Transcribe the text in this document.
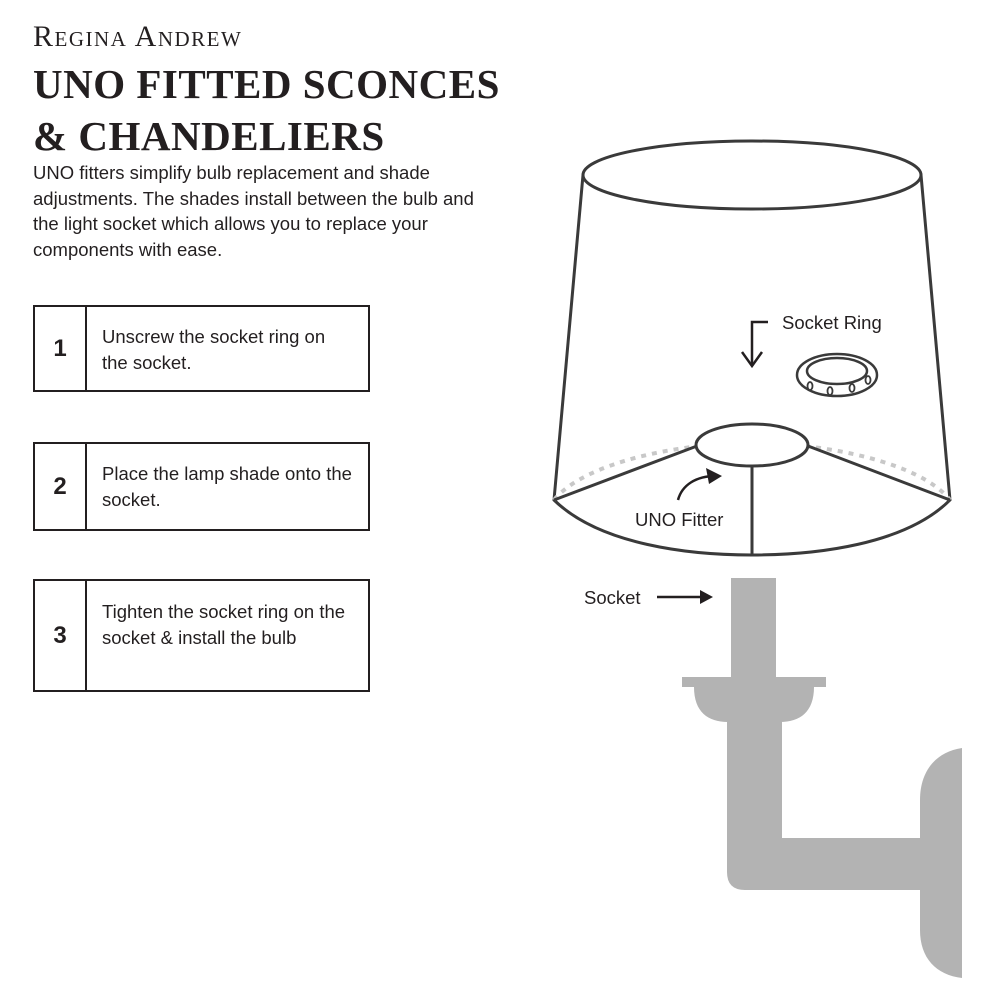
Regina Andrew
UNO FITTED SCONCES
& CHANDELIERS

UNO fitters simplify bulb replacement and shade adjustments. The shades install between the bulb and the light socket which allows you to replace your components with ease.

1	Unscrew the socket ring on the socket.
2	Place the lamp shade onto the socket.
3
Tighten the socket ring on the socket & install the bulb
Socket Ring
UNO Fitter
Socket
